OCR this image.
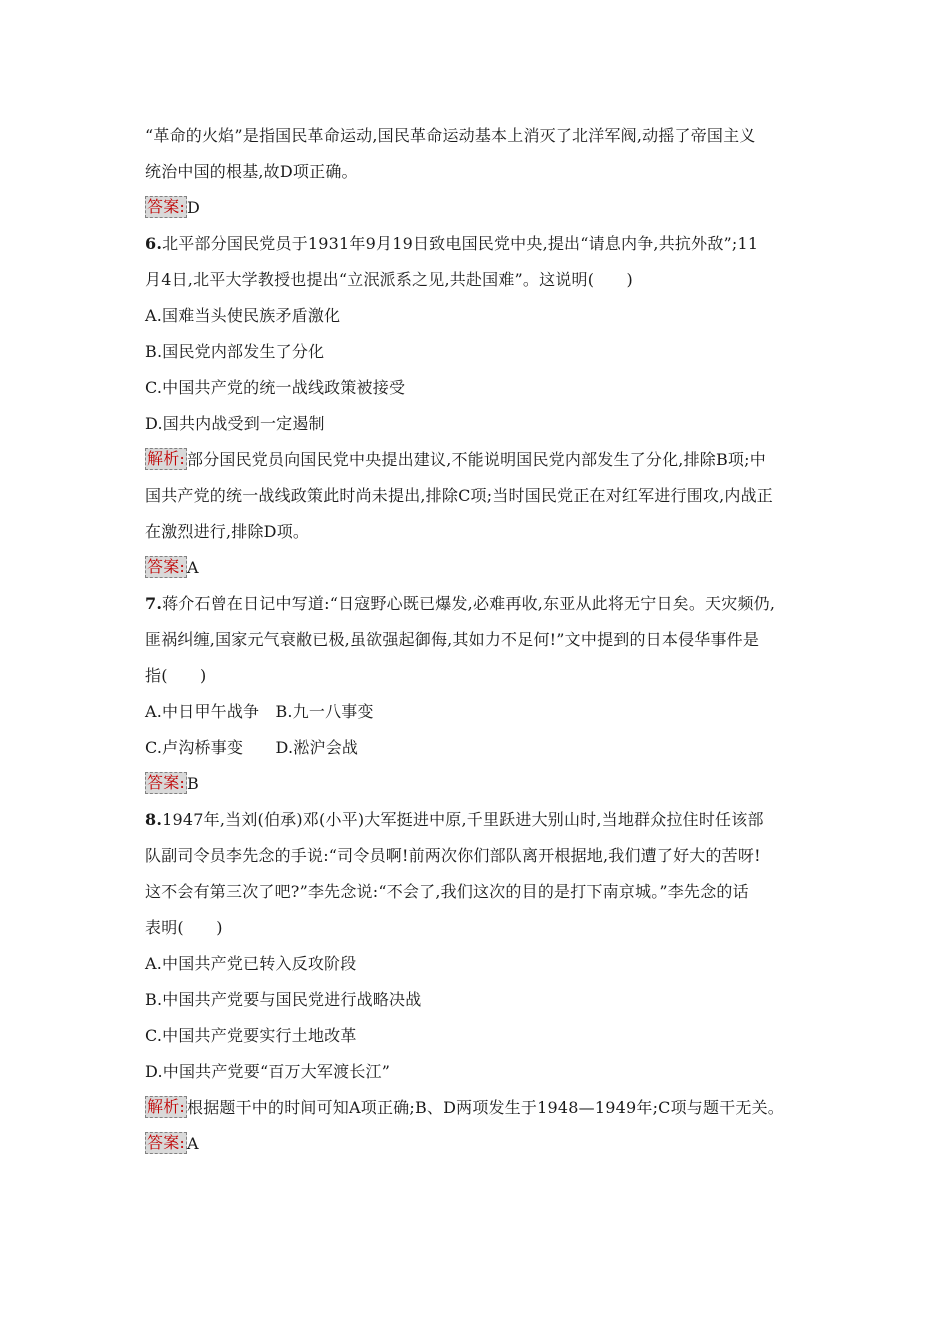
“革命的火焰”是指国民革命运动,国民革命运动基本上消灭了北洋军阀,动摇了帝国主义
统治中国的根基,故D项正确。
答案: D
6.北平部分国民党员于1931年9月19日致电国民党中央,提出“请息内争,共抗外敌”;11
月4日,北平大学教授也提出“立泯派系之见,共赴国难”。这说明(　　)
A.国难当头使民族矛盾激化
B.国民党内部发生了分化
C.中国共产党的统一战线政策被接受
D.国共内战受到一定遏制
解析: 部分国民党员向国民党中央提出建议,不能说明国民党内部发生了分化,排除B项;中
国共产党的统一战线政策此时尚未提出,排除C项;当时国民党正在对红军进行围攻,内战正
在激烈进行,排除D项。
答案: A
7.蒋介石曾在日记中写道:“日寇野心既已爆发,必难再收,东亚从此将无宁日矣。天灾频仍,
匪祸纠缠,国家元气衰敝已极,虽欲强起御侮,其如力不足何!”文中提到的日本侵华事件是
指(　　)
A.中日甲午战争　B.九一八事变
C.卢沟桥事变　　D.淞沪会战
答案: B
8.1947年,当刘(伯承)邓(小平)大军挺进中原,千里跃进大别山时,当地群众拉住时任该部
队副司令员李先念的手说:“司令员啊!前两次你们部队离开根据地,我们遭了好大的苦呀!
这不会有第三次了吧?”李先念说:“不会了,我们这次的目的是打下南京城。”李先念的话
表明(　　)
A.中国共产党已转入反攻阶段
B.中国共产党要与国民党进行战略决战
C.中国共产党要实行土地改革
D.中国共产党要“百万大军渡长江”
解析: 根据题干中的时间可知A项正确;B、D两项发生于1948—1949年;C项与题干无关。
答案: A
